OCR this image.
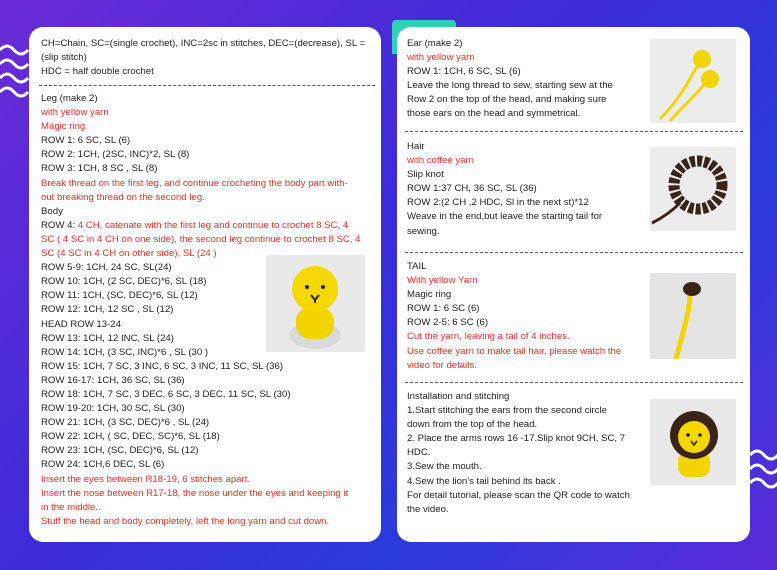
CH=Chain, SC=(single crochet), INC=2sc in stitches, DEC=(decrease), SL =
(slip stitch)
HDC = half double crochet
Leg (make 2)
with yellow yarn
Magic ring
ROW 1: 6 SC, SL (6)
ROW 2: 1CH, (2SC, INC)*2, SL (8)
ROW 3: 1CH, 8 SC , SL (8)
Break thread on the first leg, and continue crocheting the body part with-
out breaking thread on the second leg.
Body
ROW 4: 4 CH, catenate with the first leg and continue to crochet 8 SC, 4
SC ( 4 SC in 4 CH on one side), the second leg continue to crochet 8 SC, 4
SC (4 SC in 4 CH on other side), SL (24 )
ROW 5-9: 1CH, 24 SC, SL(24)
ROW 10: 1CH, (2 SC, DEC)*6, SL (18)
ROW 11: 1CH, (SC, DEC)*6, SL (12)
ROW 12: 1CH, 12 SC , SL (12)
HEAD ROW 13-24
ROW 13: 1CH, 12 INC, SL (24)
ROW 14: 1CH, (3 SC, INC)*6 , SL (30 )
ROW 15: 1CH, 7 SC, 3 INC, 6 SC, 3 INC, 11 SC, SL (36)
ROW 16-17: 1CH, 36 SC, SL (36)
ROW 18: 1CH, 7 SC, 3 DEC, 6 SC, 3 DEC, 11 SC, SL (30)
ROW 19-20: 1CH, 30 SC, SL (30)
ROW 21: 1CH, (3 SC, DEC)*6 , SL (24)
ROW 22: 1CH, ( SC, DEC, SC)*6, SL (18)
ROW 23: 1CH, (SC, DEC)*6, SL (12)
ROW 24: 1CH,6 DEC, SL (6)
Insert the eyes between R18-19, 6 stitches apart.
Insert the nose between R17-18, the nose under the eyes and keeping it
in the middle..
Stuff the head and body completely, left the long yarn and cut down.
Ear (make 2)
with yellow yarn
ROW 1: 1CH, 6 SC, SL (6)
Leave the long thread to sew, starting sew at the
Row 2 on the top of the head, and making sure
those ears on the head and symmetrical.
Hair
with coffee yarn
Slip knot
ROW 1:37 CH, 36 SC, SL (36)
ROW 2:(2 CH ,2 HDC, Sl in the next st)*12
Weave in the end,but leave the starting tail for
sewing.
TAIL
With yellow Yarn
Magic ring
ROW 1: 6 SC (6)
ROW 2-5: 6 SC (6)
Cut the yarn, leaving a tail of 4 inches.
Use coffee yarn to make tail hair, please watch the
video for details.
Installation and stitching
1.Start stitching the ears from the second circle
down from the top of the head.
2. Place the arms rows 16 -17.Slip knot 9CH, SC, 7
HDC.
3.Sew the mouth.
4.Sew the lion's tail behind its back .
For detail tutorial, please scan the QR code to watch
the video.
